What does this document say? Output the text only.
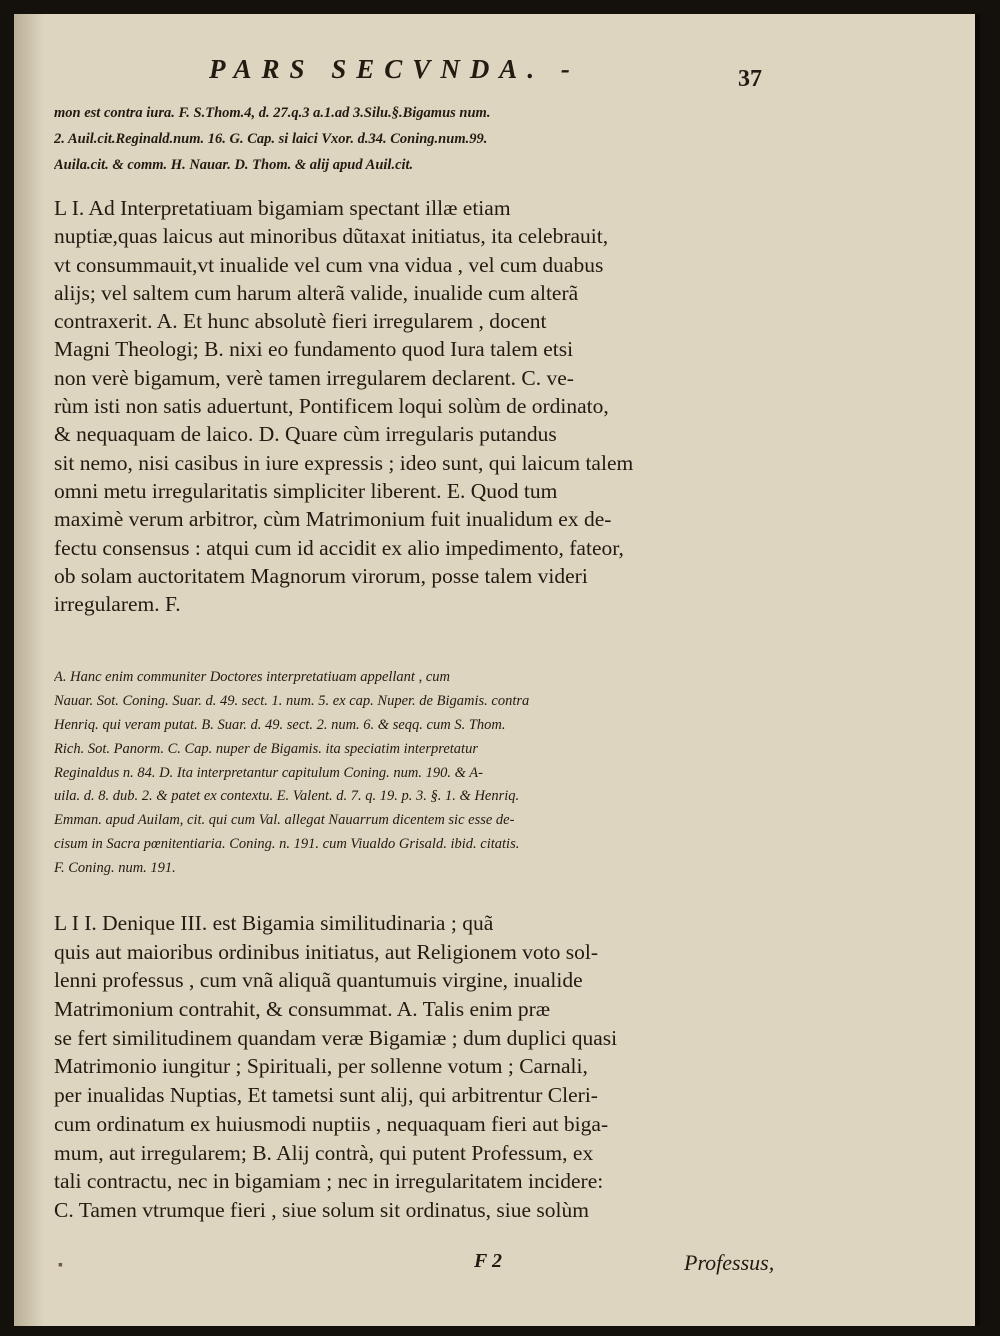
PARS SECVNDA. -	37
mon est contra iura. F. S.Thom.4, d. 27.q.3 a.1.ad 3.Silu.§.Bigamus num.
2. Auil.cit.Reginald.num. 16. G. Cap. si laici Vxor. d.34. Coning.num.99.
Auila.cit. & comm. H. Nauar. D. Thom. & alij apud Auil.cit.
L I. Ad Interpretatiuam bigamiam spectant illæ etiam
nuptiæ,quas laicus aut minoribus dũtaxat initiatus, ita celebrauit,
vt consummauit,vt inualide vel cum vna vidua , vel cum duabus
alijs; vel saltem cum harum alterã valide, inualide cum alterã
contraxerit. A. Et hunc absolutè fieri irregularem , docent
Magni Theologi; B. nixi eo fundamento quod Iura talem etsi
non verè bigamum, verè tamen irregularem declarent. C. ve-
rùm isti non satis aduertunt, Pontificem loqui solùm de ordinato,
& nequaquam de laico. D. Quare cùm irregularis putandus
sit nemo, nisi casibus in iure expressis ; ideo sunt, qui laicum talem
omni metu irregularitatis simpliciter liberent. E. Quod tum
maximè verum arbitror, cùm Matrimonium fuit inualidum ex de-
fectu consensus : atqui cum id accidit ex alio impedimento, fateor,
ob solam auctoritatem Magnorum virorum, posse talem videri
irregularem. F.
A. Hanc enim communiter Doctores interpretatiuam appellant , cum
Nauar. Sot. Coning. Suar. d. 49. sect. 1. num. 5. ex cap. Nuper. de Bigamis. contra
Henriq. qui veram putat. B. Suar. d. 49. sect. 2. num. 6. & seqq. cum S. Thom.
Rich. Sot. Panorm. C. Cap. nuper de Bigamis. ita speciatim interpretatur
Reginaldus n. 84. D. Ita interpretantur capitulum Coning. num. 190. & A-
uila. d. 8. dub. 2. & patet ex contextu. E. Valent. d. 7. q. 19. p. 3. §. 1. & Henriq.
Emman. apud Auilam, cit. qui cum Val. allegat Nauarrum dicentem sic esse de-
cisum in Sacra pœnitentiaria. Coning. n. 191. cum Viualdo Grisald. ibid. citatis.
F. Coning. num. 191.
L I I. Denique III. est Bigamia similitudinaria ; quã
quis aut maioribus ordinibus initiatus, aut Religionem voto sol-
lenni professus , cum vnã aliquã quantumuis virgine, inualide
Matrimonium contrahit, & consummat. A. Talis enim præ
se fert similitudinem quandam veræ Bigamiæ ; dum duplici quasi
Matrimonio iungitur ; Spirituali, per sollenne votum ; Carnali,
per inualidas Nuptias, Et tametsi sunt alij, qui arbitrentur Cleri-
cum ordinatum ex huiusmodi nuptiis , nequaquam fieri aut biga-
mum, aut irregularem; B. Alij contrà, qui putent Professum, ex
tali contractu, nec in bigamiam ; nec in irregularitatem incidere:
C. Tamen vtrumque fieri , siue solum sit ordinatus, siue solùm
▪	F 2	Professus,
